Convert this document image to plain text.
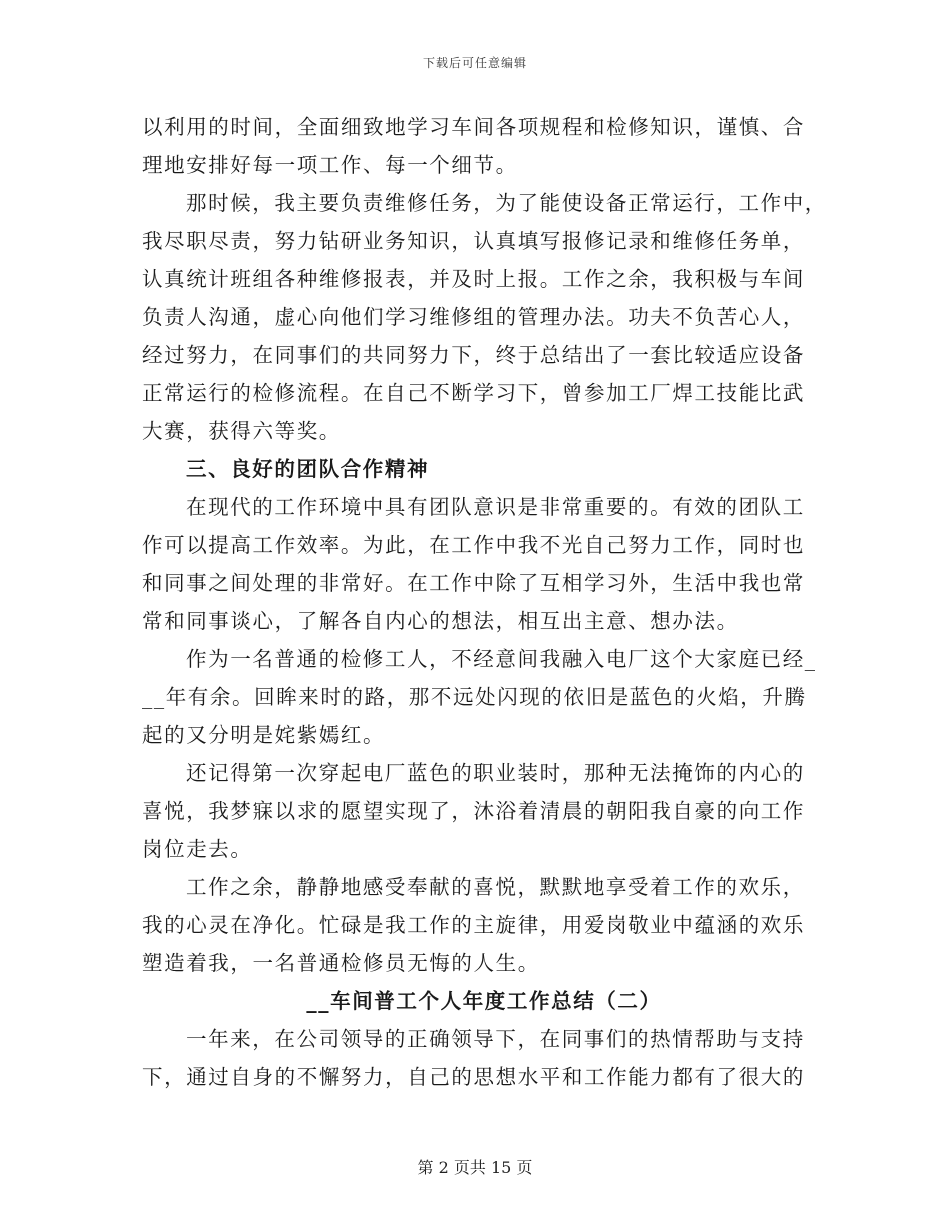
下载后可任意编辑
以利用的时间，全面细致地学习车间各项规程和检修知识，谨慎、合
理地安排好每一项工作、每一个细节。
那时候，我主要负责维修任务，为了能使设备正常运行，工作中，
我尽职尽责，努力钻研业务知识，认真填写报修记录和维修任务单，
认真统计班组各种维修报表，并及时上报。工作之余，我积极与车间
负责人沟通，虚心向他们学习维修组的管理办法。功夫不负苦心人，
经过努力，在同事们的共同努力下，终于总结出了一套比较适应设备
正常运行的检修流程。在自己不断学习下，曾参加工厂焊工技能比武
大赛，获得六等奖。
三、良好的团队合作精神
在现代的工作环境中具有团队意识是非常重要的。有效的团队工
作可以提高工作效率。为此，在工作中我不光自己努力工作，同时也
和同事之间处理的非常好。在工作中除了互相学习外，生活中我也常
常和同事谈心，了解各自内心的想法，相互出主意、想办法。
作为一名普通的检修工人，不经意间我融入电厂这个大家庭已经_
__年有余。回眸来时的路，那不远处闪现的依旧是蓝色的火焰，升腾
起的又分明是姹紫嫣红。
还记得第一次穿起电厂蓝色的职业装时，那种无法掩饰的内心的
喜悦，我梦寐以求的愿望实现了，沐浴着清晨的朝阳我自豪的向工作
岗位走去。
工作之余，静静地感受奉献的喜悦，默默地享受着工作的欢乐，
我的心灵在净化。忙碌是我工作的主旋律，用爱岗敬业中蕴涵的欢乐
塑造着我，一名普通检修员无悔的人生。
__车间普工个人年度工作总结（二）
一年来，在公司领导的正确领导下，在同事们的热情帮助与支持
下，通过自身的不懈努力，自己的思想水平和工作能力都有了很大的
第 2 页共 15 页
